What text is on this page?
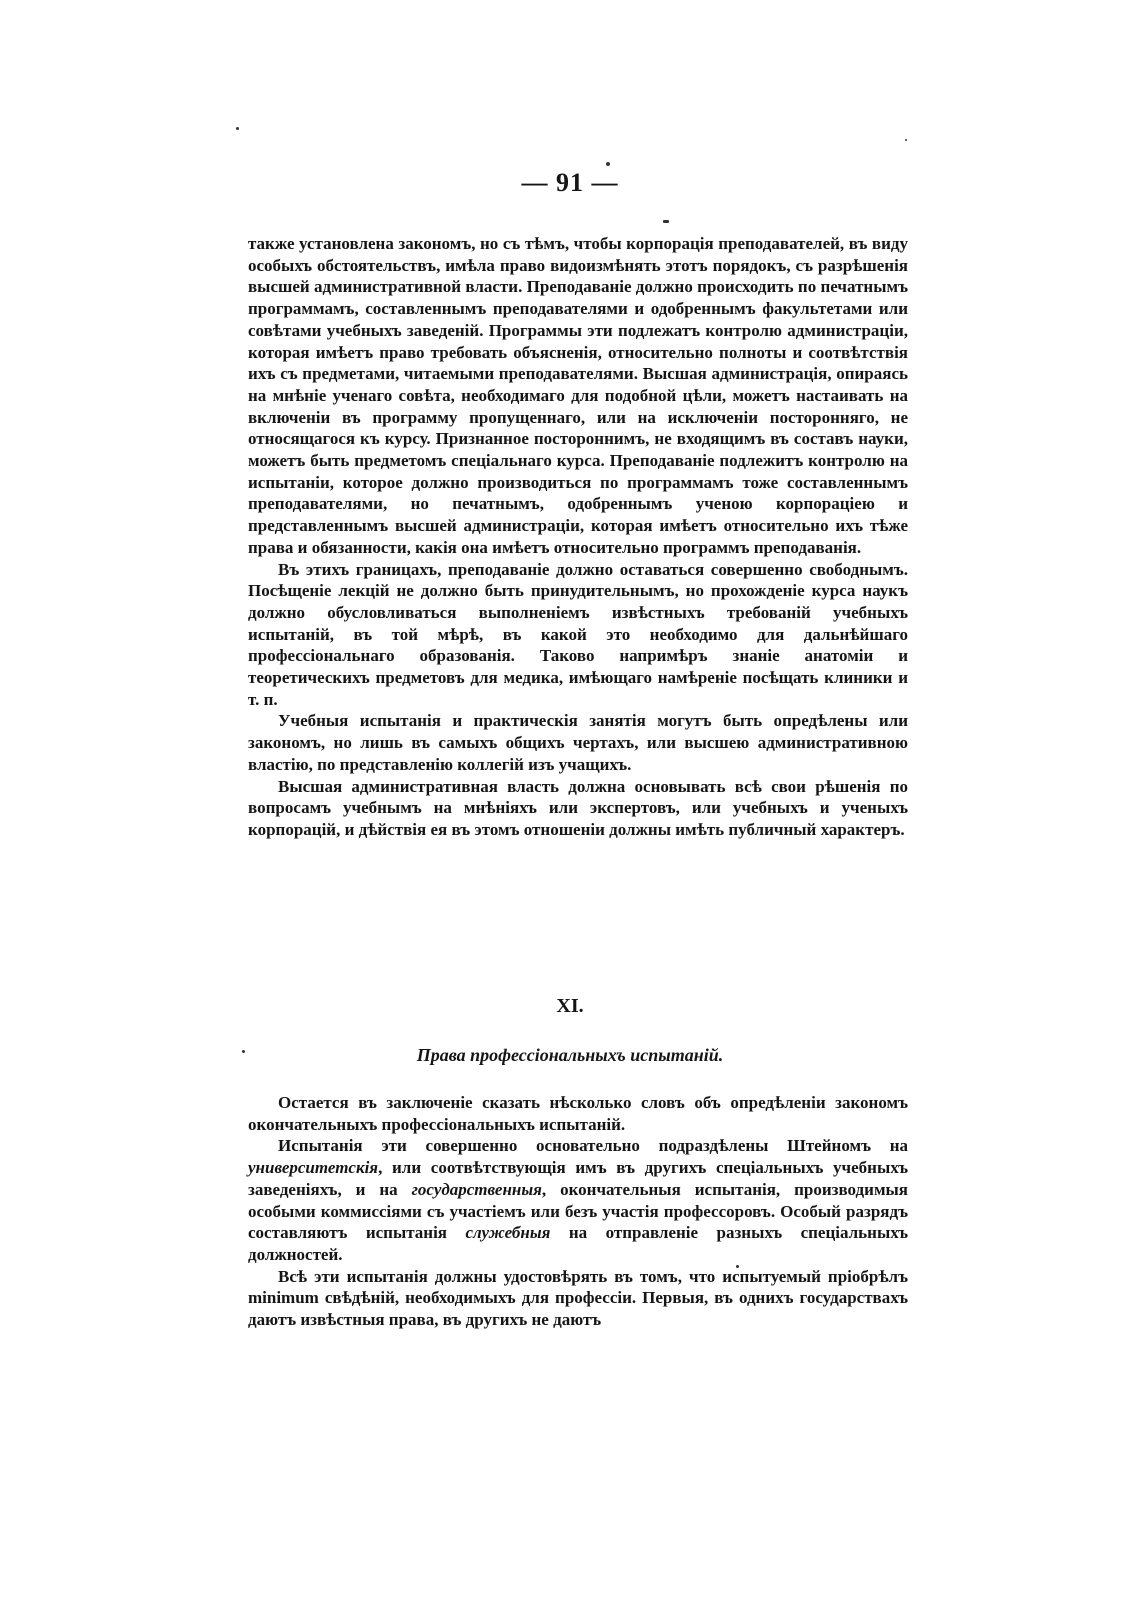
— 91 —

также установлена закономъ, но съ тѣмъ, чтобы корпорація преподавателей, въ виду особыхъ обстоятельствъ, имѣла право видоизмѣнять этотъ порядокъ, съ разрѣшенія высшей административной власти. Преподаваніе должно происходить по печатнымъ программамъ, составленнымъ преподавателями и одобреннымъ факультетами или совѣтами учебныхъ заведеній. Программы эти подлежатъ контролю администраціи, которая имѣетъ право требовать объясненія, относительно полноты и соотвѣтствія ихъ съ предметами, читаемыми преподавателями. Высшая администрація, опираясь на мнѣніе ученаго совѣта, необходимаго для подобной цѣли, можетъ настаивать на включеніи въ программу пропущеннаго, или на исключеніи посторонняго, не относящагося къ курсу. Признанное постороннимъ, не входящимъ въ составъ науки, можетъ быть предметомъ спеціальнаго курса. Преподаваніе подлежитъ контролю на испытаніи, которое должно производиться по программамъ тоже составленнымъ преподавателями, но печатнымъ, одобреннымъ ученою корпораціею и представленнымъ высшей администраціи, которая имѣетъ относительно ихъ тѣже права и обязанности, какія она имѣетъ относительно программъ преподаванія.

Въ этихъ границахъ, преподаваніе должно оставаться совершенно свободнымъ. Посѣщеніе лекцій не должно быть принудительнымъ, но прохожденіе курса наукъ должно обусловливаться выполненіемъ извѣстныхъ требованій учебныхъ испытаній, въ той мѣрѣ, въ какой это необходимо для дальнѣйшаго профессіональнаго образованія. Таково напримѣръ знаніе анатоміи и теоретическихъ предметовъ для медика, имѣющаго намѣреніе посѣщать клиники и т. п.

Учебныя испытанія и практическія занятія могутъ быть опредѣлены или закономъ, но лишь въ самыхъ общихъ чертахъ, или высшею административною властію, по представленію коллегій изъ учащихъ.

Высшая административная власть должна основывать всѣ свои рѣшенія по вопросамъ учебнымъ на мнѣніяхъ или экспертовъ, или учебныхъ и ученыхъ корпорацій, и дѣйствія ея въ этомъ отношеніи должны имѣть публичный характеръ.

XI.
Права профессіональныхъ испытаній.

Остается въ заключеніе сказать нѣсколько словъ объ опредѣленіи закономъ окончательныхъ профессіональныхъ испытаній.

Испытанія эти совершенно основательно подраздѣлены Штейномъ на университетскія, или соотвѣтствующія имъ въ другихъ спеціальныхъ учебныхъ заведеніяхъ, и на государственныя, окончательныя испытанія, производимыя особыми коммиссіями съ участіемъ или безъ участія профессоровъ. Особый разрядъ составляютъ испытанія служебныя на отправленіе разныхъ спеціальныхъ должностей.

Всѣ эти испытанія должны удостовѣрять въ томъ, что испытуемый пріобрѣлъ minimum свѣдѣній, необходимыхъ для профессіи. Первыя, въ одниxъ государствахъ даютъ извѣстныя права, въ другихъ не даютъ
